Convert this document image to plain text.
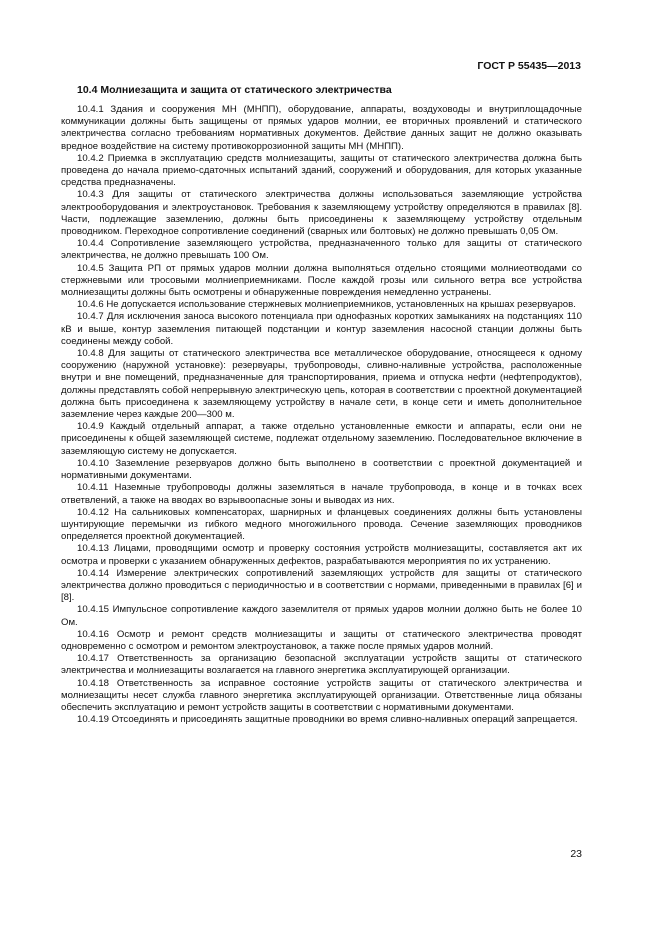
ГОСТ Р 55435—2013
10.4 Молниезащита и защита от статического электричества

10.4.1 Здания и сооружения МН (МНПП), оборудование, аппараты, воздуховоды и внутриплощадочные коммуникации должны быть защищены от прямых ударов молнии, ее вторичных проявлений и статического электричества согласно требованиям нормативных документов. Действие данных защит не должно оказывать вредное воздействие на систему противокоррозионной защиты МН (МНПП).

10.4.2 Приемка в эксплуатацию средств молниезащиты, защиты от статического электричества должна быть проведена до начала приемо-сдаточных испытаний зданий, сооружений и оборудования, для которых указанные средства предназначены.

10.4.3 Для защиты от статического электричества должны использоваться заземляющие устройства электрооборудования и электроустановок. Требования к заземляющему устройству определяются в правилах [8]. Части, подлежащие заземлению, должны быть присоединены к заземляющему устройству отдельным проводником. Переходное сопротивление соединений (сварных или болтовых) не должно превышать 0,05 Ом.

10.4.4 Сопротивление заземляющего устройства, предназначенного только для защиты от статического электричества, не должно превышать 100 Ом.

10.4.5 Защита РП от прямых ударов молнии должна выполняться отдельно стоящими молниеотводами со стержневыми или тросовыми молниеприемниками. После каждой грозы или сильного ветра все устройства молниезащиты должны быть осмотрены и обнаруженные повреждения немедленно устранены.

10.4.6 Не допускается использование стержневых молниеприемников, установленных на крышах резервуаров.

10.4.7 Для исключения заноса высокого потенциала при однофазных коротких замыканиях на подстанциях 110 кВ и выше, контур заземления питающей подстанции и контур заземления насосной станции должны быть соединены между собой.

10.4.8 Для защиты от статического электричества все металлическое оборудование, относящееся к одному сооружению (наружной установке): резервуары, трубопроводы, сливно-наливные устройства, расположенные внутри и вне помещений, предназначенные для транспортирования, приема и отпуска нефти (нефтепродуктов), должны представлять собой непрерывную электрическую цепь, которая в соответствии с проектной документацией должна быть присоединена к заземляющему устройству в начале сети, в конце сети и иметь дополнительное заземление через каждые 200—300 м.

10.4.9 Каждый отдельный аппарат, а также отдельно установленные емкости и аппараты, если они не присоединены к общей заземляющей системе, подлежат отдельному заземлению. Последовательное включение в заземляющую систему не допускается.

10.4.10 Заземление резервуаров должно быть выполнено в соответствии с проектной документацией и нормативными документами.

10.4.11 Наземные трубопроводы должны заземляться в начале трубопровода, в конце и в точках всех ответвлений, а также на вводах во взрывоопасные зоны и выводах из них.

10.4.12 На сальниковых компенсаторах, шарнирных и фланцевых соединениях должны быть установлены шунтирующие перемычки из гибкого медного многожильного провода. Сечение заземляющих проводников определяется проектной документацией.

10.4.13 Лицами, проводящими осмотр и проверку состояния устройств молниезащиты, составляется акт их осмотра и проверки с указанием обнаруженных дефектов, разрабатываются мероприятия по их устранению.

10.4.14 Измерение электрических сопротивлений заземляющих устройств для защиты от статического электричества должно проводиться с периодичностью и в соответствии с нормами, приведенными в правилах [6] и [8].

10.4.15 Импульсное сопротивление каждого заземлителя от прямых ударов молнии должно быть не более 10 Ом.

10.4.16 Осмотр и ремонт средств молниезащиты и защиты от статического электричества проводят одновременно с осмотром и ремонтом электроустановок, а также после прямых ударов молний.

10.4.17 Ответственность за организацию безопасной эксплуатации устройств защиты от статического электричества и молниезащиты возлагается на главного энергетика эксплуатирующей организации.

10.4.18 Ответственность за исправное состояние устройств защиты от статического электричества и молниезащиты несет служба главного энергетика эксплуатирующей организации. Ответственные лица обязаны обеспечить эксплуатацию и ремонт устройств защиты в соответствии с нормативными документами.

10.4.19 Отсоединять и присоединять защитные проводники во время сливно-наливных операций запрещается.

23
